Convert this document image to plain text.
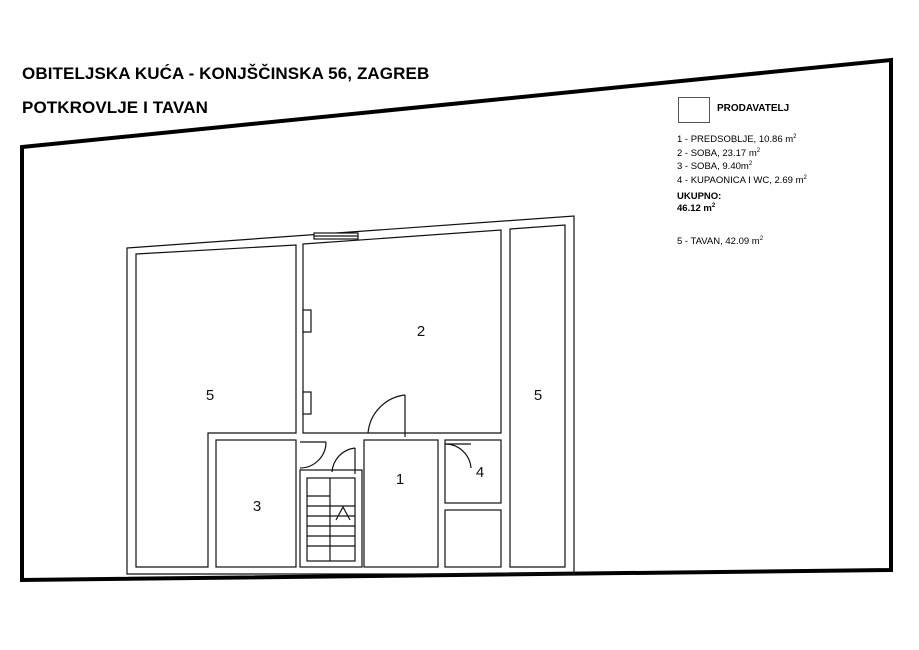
OBITELJSKA KUĆA - KONJŠČINSKA 56, ZAGREB
POTKROVLJE I TAVAN
5
2
5
3
1	4
PRODAVATELJ
1 - PREDSOBLJE, 10.86 $m^2$
2 - SOBA, 23.17 $m^2$
3 - SOBA, $9.40m^2$
4 - KUPAONICA I WC, 2.69 $m^2$
UKUPNO:
46.12 $m^2$
5 - TAVAN, 42.09 $m^2$
